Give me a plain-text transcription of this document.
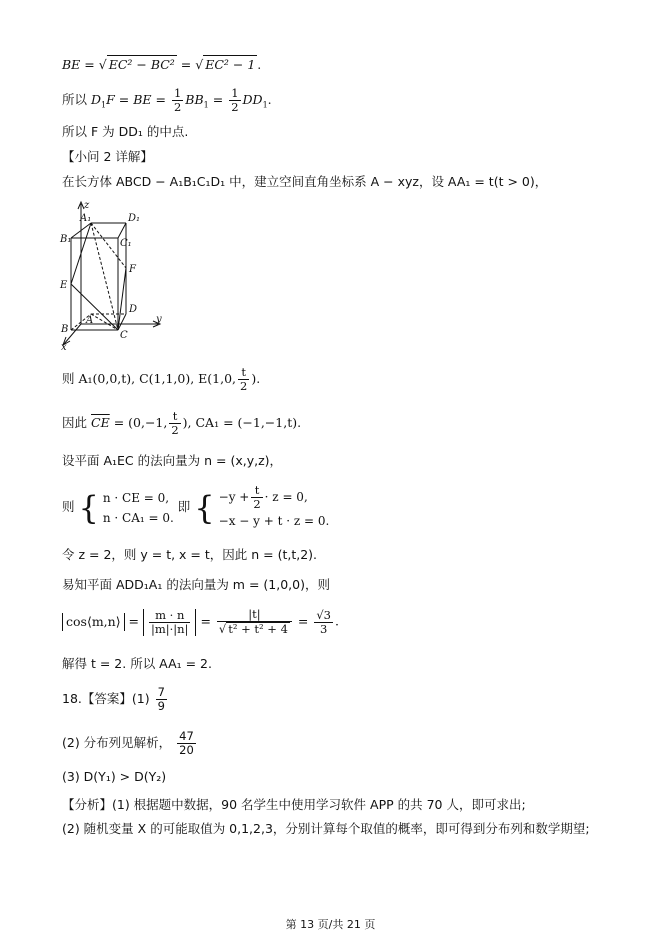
BE = √ EC² − BC² = √ EC² − 1 .
所以 $D_1F$ = BE = $\frac{1}{2} BB_1 = \frac{1}{2} DD_1$.
所以 F 为 DD₁ 的中点.
【小问 2 详解】
在长方体 ABCD − A₁B₁C₁D₁ 中，建立空间直角坐标系 A − xyz，设 AA₁ = t(t > 0)，
z
A₁	D₁
B₁	C₁
F
E
D
y
A
B
C
x
则 A₁(0,0,t), C(1,1,0), E(1,0, $\frac{t}{2}$ ).
因此 $\overline{CE} = (0,-1$, $\frac{t}{2}$ ), CA₁ = (−1,−1,t).
设平面 A₁EC 的法向量为 n = (x,y,z)，
则 { n · CE = 0,
n · CA₁ = 0.
即 { $-y + \frac{t}{2} \cdot z = 0$,
−x − y + t · z = 0.
令 z = 2，则 y = t, x = t，因此 n = (t,t,2).
易知平面 ADD₁A₁ 的法向量为 m = (1,0,0)，则
cos⟨m,n⟩ = $\frac{m \cdot n}{|m|\cdot|n|} = \frac{|t|}{\text{√ t² + t² + 4}} = \frac{√3}{3}$ .
解得 t = 2. 所以 AA₁ = 2.
18.【答案】$(1) \frac{7}{9}$
(2) 分布列见解析， $\frac{47}{20}$
(3) D(Y₁) > D(Y₂)
【分析】(1) 根据题中数据，90 名学生中使用学习软件 APP 的共 70 人，即可求出;
(2) 随机变量 X 的可能取值为 0,1,2,3，分别计算每个取值的概率，即可得到分布列和数学期望;
第 13 页/共 21 页
